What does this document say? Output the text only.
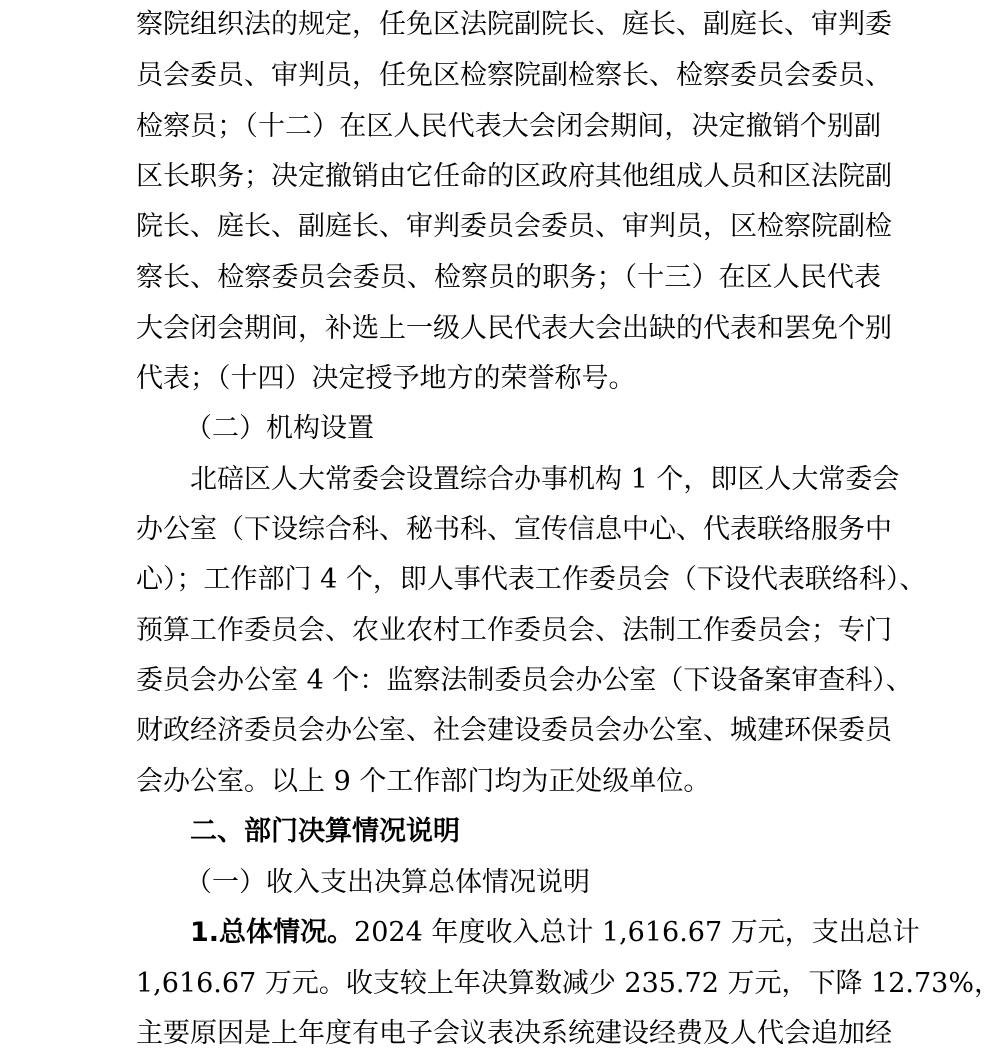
察院组织法的规定，任免区法院副院长、庭长、副庭长、审判委
员会委员、审判员，任免区检察院副检察长、检察委员会委员、
检察员；（十二）在区人民代表大会闭会期间，决定撤销个别副
区长职务；决定撤销由它任命的区政府其他组成人员和区法院副
院长、庭长、副庭长、审判委员会委员、审判员，区检察院副检
察长、检察委员会委员、检察员的职务；（十三）在区人民代表
大会闭会期间，补选上一级人民代表大会出缺的代表和罢免个别
代表；（十四）决定授予地方的荣誉称号。
（二）机构设置
北碚区人大常委会设置综合办事机构 1 个，即区人大常委会
办公室（下设综合科、秘书科、宣传信息中心、代表联络服务中
心）；工作部门 4 个，即人事代表工作委员会（下设代表联络科）、
预算工作委员会、农业农村工作委员会、法制工作委员会；专门
委员会办公室 4 个：监察法制委员会办公室（下设备案审查科）、
财政经济委员会办公室、社会建设委员会办公室、城建环保委员
会办公室。以上 9 个工作部门均为正处级单位。
二、部门决算情况说明
（一）收入支出决算总体情况说明
1.总体情况。2024 年度收入总计 1,616.67 万元，支出总计
1,616.67 万元。收支较上年决算数减少 235.72 万元，下降 12.73%，
主要原因是上年度有电子会议表决系统建设经费及人代会追加经
